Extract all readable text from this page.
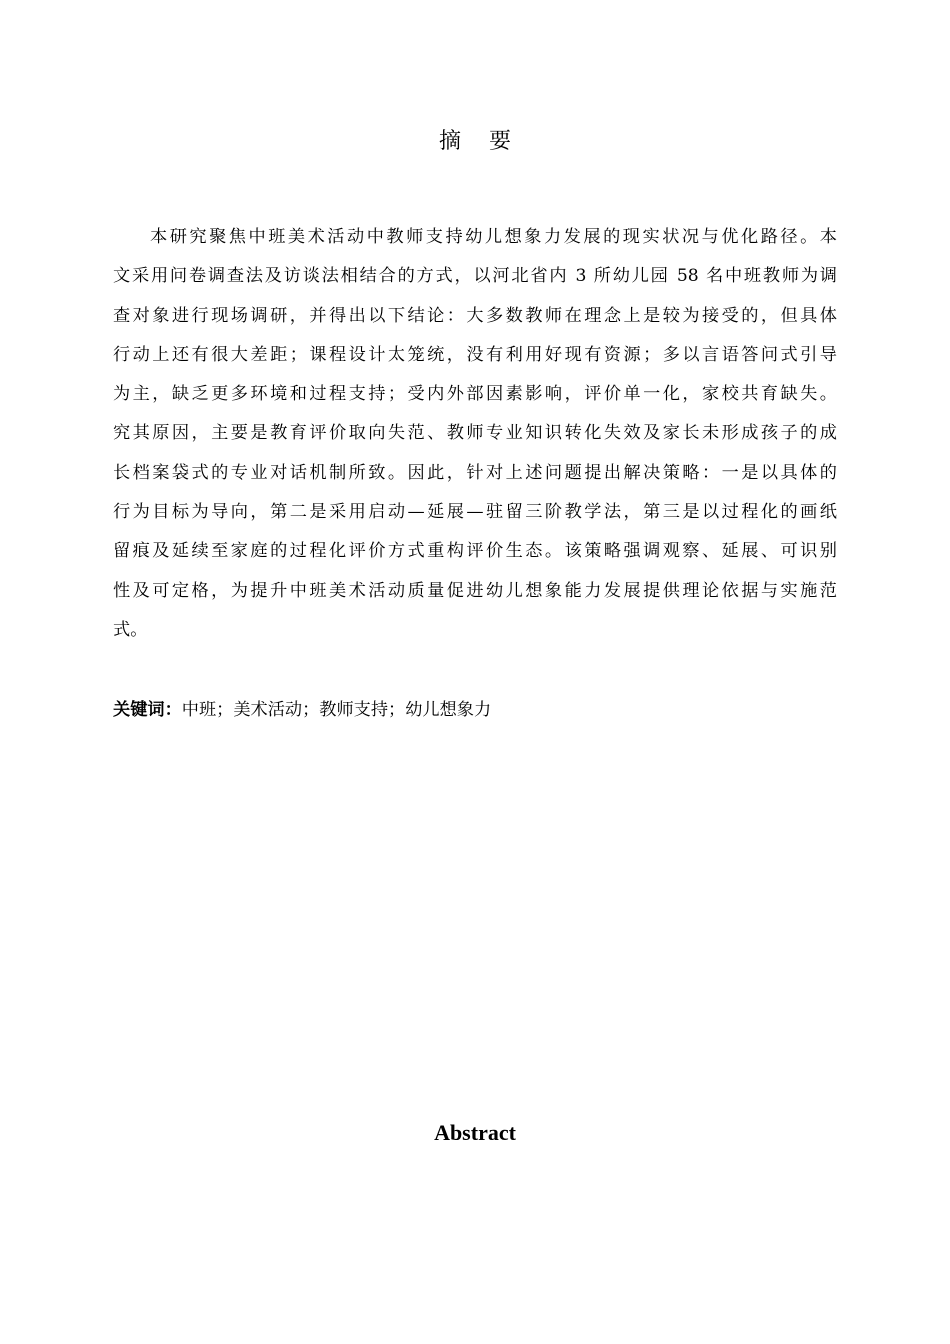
摘 要
本研究聚焦中班美术活动中教师支持幼儿想象力发展的现实状况与优化路径。本
文采用问卷调查法及访谈法相结合的方式，以河北省内 3 所幼儿园 58 名中班教师为调
查对象进行现场调研，并得出以下结论：大多数教师在理念上是较为接受的，但具体
行动上还有很大差距；课程设计太笼统，没有利用好现有资源；多以言语答问式引导
为主，缺乏更多环境和过程支持；受内外部因素影响，评价单一化，家校共育缺失。
究其原因，主要是教育评价取向失范、教师专业知识转化失效及家长未形成孩子的成
长档案袋式的专业对话机制所致。因此，针对上述问题提出解决策略：一是以具体的
行为目标为导向，第二是采用启动—延展—驻留三阶教学法，第三是以过程化的画纸
留痕及延续至家庭的过程化评价方式重构评价生态。该策略强调观察、延展、可识别
性及可定格，为提升中班美术活动质量促进幼儿想象能力发展提供理论依据与实施范
式。
关键词：中班；美术活动；教师支持；幼儿想象力
Abstract
